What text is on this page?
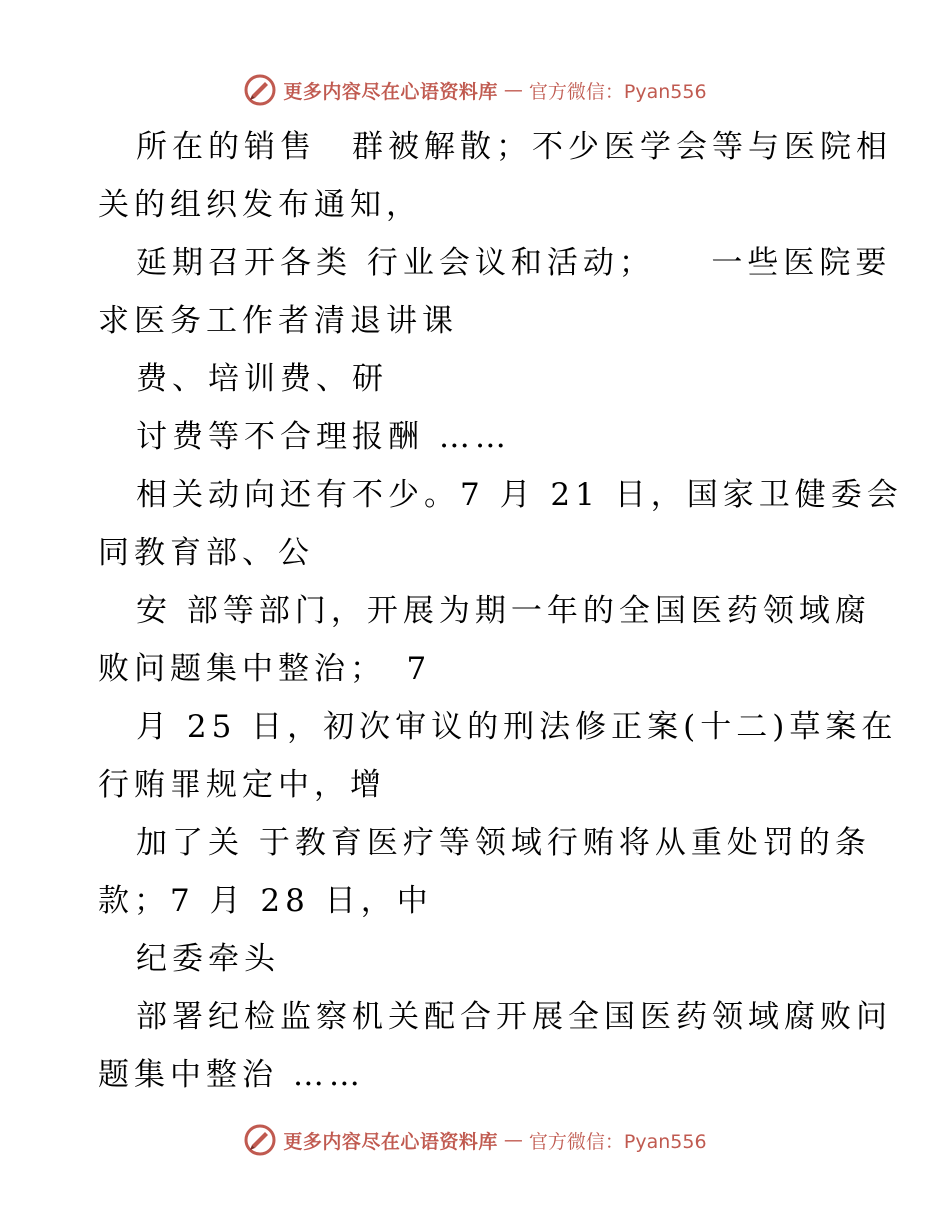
更多内容尽在心语资料库 — 官方微信：Pyan556

所在的销售　群被解散；不少医学会等与医院相
关的组织发布通知，

延期召开各类 行业会议和活动；　　一些医院要
求医务工作者清退讲课

费、培训费、研

讨费等不合理报酬 ……

相关动向还有不少。7 月 21 日，国家卫健委会
同教育部、公

安 部等部门，开展为期一年的全国医药领域腐
败问题集中整治；　7

月 25 日，初次审议的刑法修正案(十二)草案在
行贿罪规定中，增

加了关 于教育医疗等领域行贿将从重处罚的条
款；7 月 28 日，中

纪委牵头

部署纪检监察机关配合开展全国医药领域腐败问
题集中整治 ……

更多内容尽在心语资料库 — 官方微信：Pyan556
